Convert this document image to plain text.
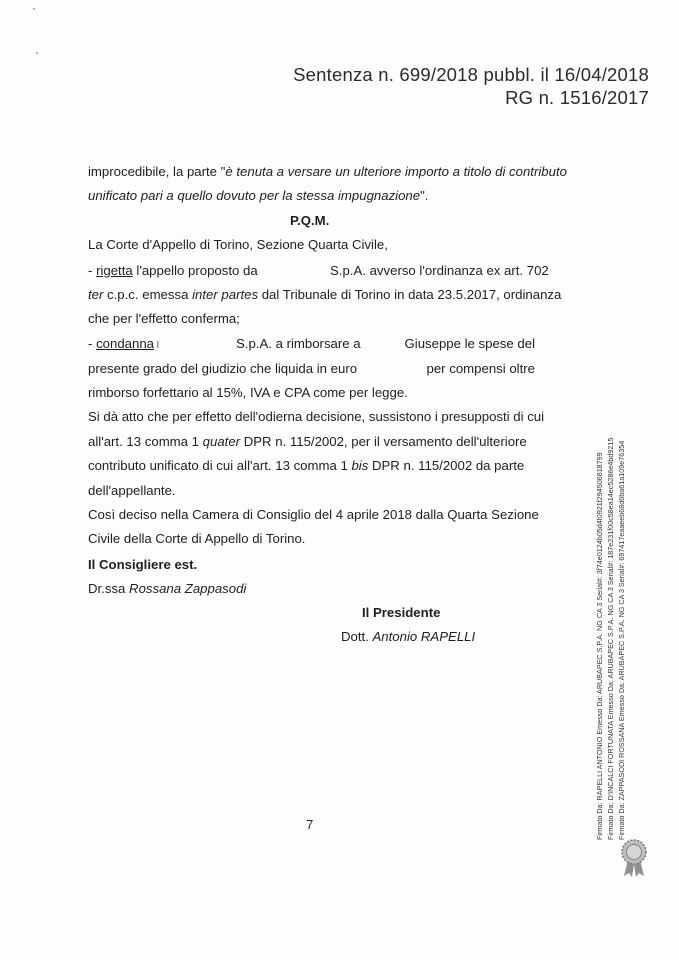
Sentenza n. 699/2018 pubbl. il 16/04/2018
RG n. 1516/2017
improcedibile, la parte "è tenuta a versare un ulteriore importo a titolo di contributo
unificato pari a quello dovuto per la stessa impugnazione".
P.Q.M.
La Corte d'Appello di Torino, Sezione Quarta Civile,
- rigetta l'appello proposto da	S.p.A. avverso l'ordinanza ex art. 702
ter c.p.c. emessa inter partes dal Tribunale di Torino in data 23.5.2017, ordinanza
che per l'effetto conferma;
- condanna ı	S.p.A. a rimborsare a	Giuseppe le spese del
presente grado del giudizio che liquida in euro	per compensi oltre
rimborso forfettario al 15%, IVA e CPA come per legge.
Si dà atto che per effetto dell'odierna decisione, sussistono i presupposti di cui
all'art. 13 comma 1 quater DPR n. 115/2002, per il versamento dell'ulteriore
contributo unificato di cui all'art. 13 comma 1 bis DPR n. 115/2002 da parte
dell'appellante.
Così deciso nella Camera di Consiglio del 4 aprile 2018 dalla Quarta Sezione
Civile della Corte di Appello di Torino.
Il Consigliere est.
Dr.ssa Rossana Zappasodi
Il Presidente
Dott. Antonio RAPELLI
7	Firmato Da: RAPELLI ANTONIO Emesso Da: ARUBAPEC S.P.A. NG CA 3 Serial#: 3f74e0124b05d4f0921f294506818799 Firmato Da: D'INCALCI FORTUNATA Emesso Da: ARUBAPEC S.P.A. NG CA 3 Serial#: 187e231f00c58ea14ec5286e4bd9215 Firmato Da: ZAPPASODI ROSSANA Emesso Da: ARUBAPEC S.P.A. NG CA 3 Serial#: 697417eaaeeb68d6ba61a109e76354
